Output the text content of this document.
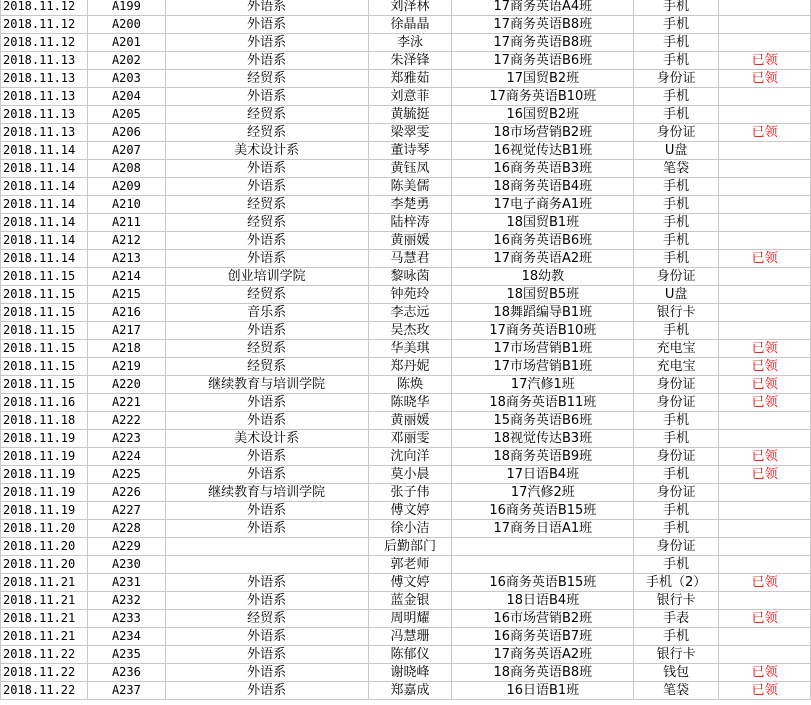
2018.11.12	A199	外语系	刘泽林	17商务英语A4班	手机	
2018.11.12	A200	外语系	徐晶晶	17商务英语B8班	手机	
2018.11.12	A201	外语系	李泳	17商务英语B8班	手机	
2018.11.13	A202	外语系	朱泽锋	17商务英语B6班	手机	已领
2018.11.13	A203	经贸系	郑雅茹	17国贸B2班	身份证	已领
2018.11.13	A204	外语系	刘意菲	17商务英语B10班	手机	
2018.11.13	A205	经贸系	黄毓挺	16国贸B2班	手机	
2018.11.13	A206	经贸系	梁翠雯	18市场营销B2班	身份证	已领
2018.11.14	A207	美术设计系	董诗琴	16视觉传达B1班	U盘	
2018.11.14	A208	外语系	黄钰凤	16商务英语B3班	笔袋	
2018.11.14	A209	外语系	陈美儒	18商务英语B4班	手机	
2018.11.14	A210	经贸系	李楚勇	17电子商务A1班	手机	
2018.11.14	A211	经贸系	陆梓涛	18国贸B1班	手机	
2018.11.14	A212	外语系	黄丽媛	16商务英语B6班	手机	
2018.11.14	A213	外语系	马慧君	17商务英语A2班	手机	已领
2018.11.15	A214	创业培训学院	黎咏茵	18幼教	身份证	
2018.11.15	A215	经贸系	钟苑玲	18国贸B5班	U盘	
2018.11.15	A216	音乐系	李志远	18舞蹈编导B1班	银行卡	
2018.11.15	A217	外语系	吴杰玫	17商务英语B10班	手机	
2018.11.15	A218	经贸系	华美琪	17市场营销B1班	充电宝	已领
2018.11.15	A219	经贸系	郑丹妮	17市场营销B1班	充电宝	已领
2018.11.15	A220	继续教育与培训学院	陈焕	17汽修1班	身份证	已领
2018.11.16	A221	外语系	陈晓华	18商务英语B11班	身份证	已领
2018.11.18	A222	外语系	黄丽媛	15商务英语B6班	手机	
2018.11.19	A223	美术设计系	邓丽雯	18视觉传达B3班	手机	
2018.11.19	A224	外语系	沈向洋	18商务英语B9班	身份证	已领
2018.11.19	A225	外语系	莫小晨	17日语B4班	手机	已领
2018.11.19	A226	继续教育与培训学院	张子伟	17汽修2班	身份证	
2018.11.19	A227	外语系	傅文婷	16商务英语B15班	手机	
2018.11.20	A228	外语系	徐小洁	17商务日语A1班	手机	
2018.11.20	A229		后勤部门		身份证	
2018.11.20	A230		郭老师		手机	
2018.11.21	A231	外语系	傅文婷	16商务英语B15班	手机（2）	已领
2018.11.21	A232	外语系	蓝金银	18日语B4班	银行卡	
2018.11.21	A233	经贸系	周明耀	16市场营销B2班	手表	已领
2018.11.21	A234	外语系	冯慧珊	16商务英语B7班	手机	
2018.11.22	A235	外语系	陈郁仪	17商务英语A2班	银行卡	
2018.11.22	A236	外语系	谢晓峰	18商务英语B8班	钱包	已领
2018.11.22	A237	外语系	郑嘉成	16日语B1班	笔袋	已领
